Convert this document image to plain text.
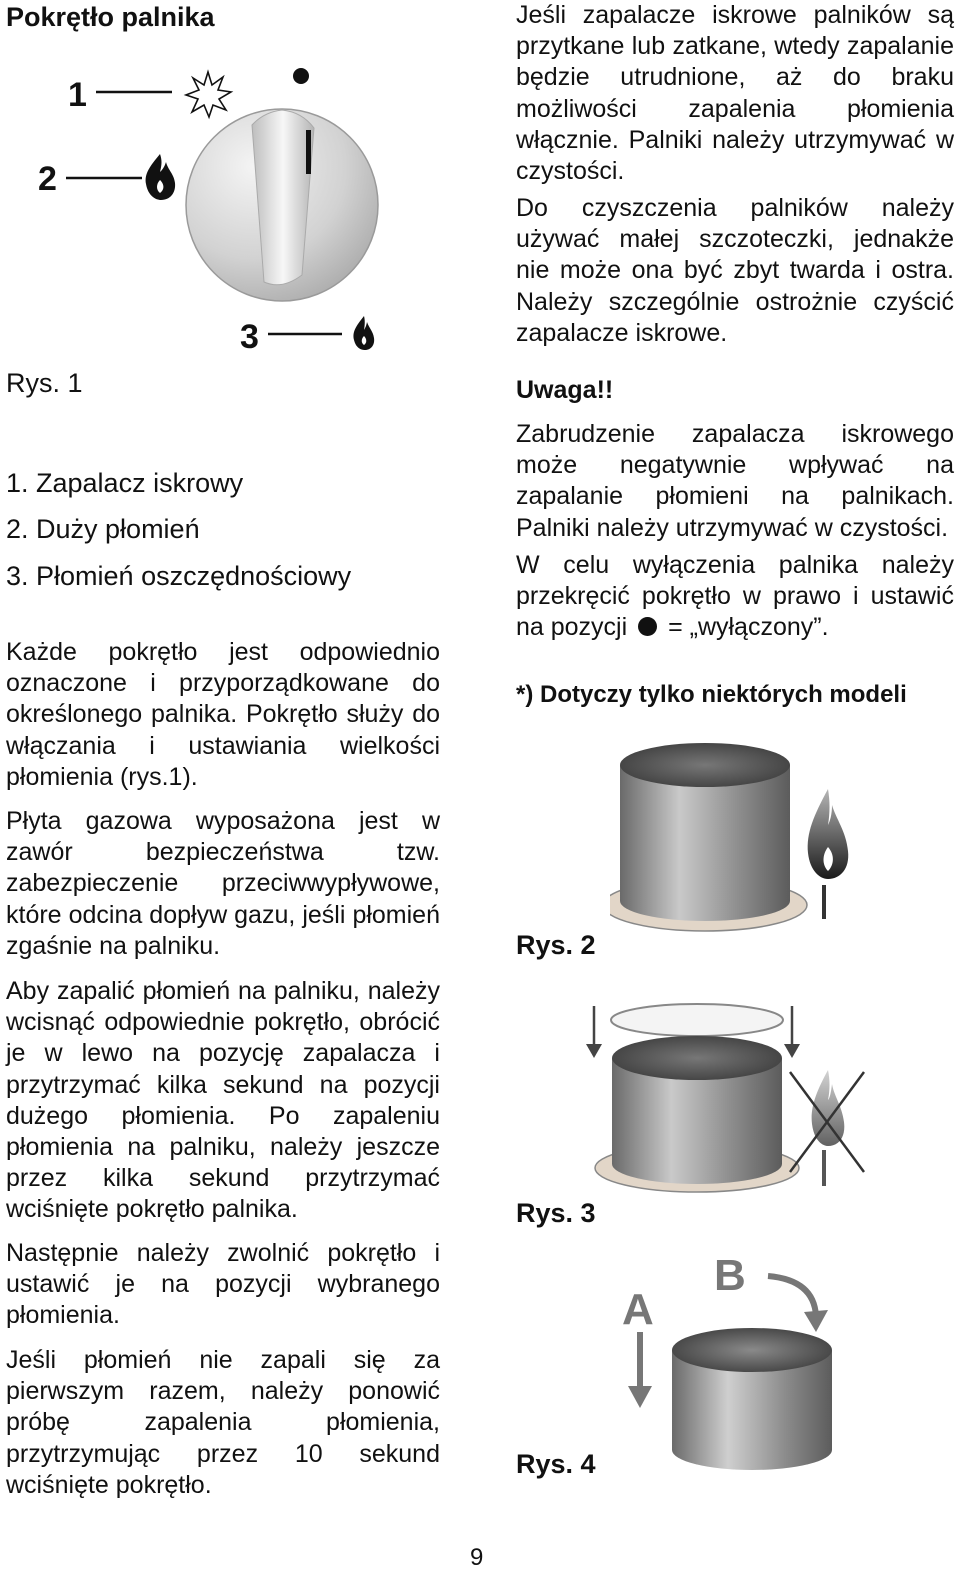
Pokrętło palnika
1
2
3
Rys. 1
1. Zapalacz iskrowy
2. Duży płomień
3. Płomień oszczędnościowy

Każde pokrętło jest odpowiednio oznaczone i przyporządkowane do określonego palnika. Pokrętło służy do włączania i ustawiania wielkości płomienia (rys.1).

Płyta gazowa wyposażona jest w zawór bezpieczeństwa tzw. zabezpieczenie przeciwwypływowe, które odcina dopływ gazu, jeśli płomień zgaśnie na palniku.

Aby zapalić płomień na palniku, należy wcisnąć odpowiednie pokrętło, obrócić je w lewo na pozycję zapalacza i przytrzymać kilka sekund na pozycji dużego płomienia. Po zapaleniu płomienia na palniku, należy jeszcze przez kilka sekund przytrzymać wciśnięte pokrętło palnika.

Następnie należy zwolnić pokrętło i ustawić je na pozycji wybranego płomienia.

Jeśli płomień nie zapali się za pierwszym razem, należy ponowić próbę zapalenia płomienia, przytrzymując przez 10 sekund wciśnięte pokrętło.

Jeśli zapalacze iskrowe palników są przytkane lub zatkane, wtedy zapalanie będzie utrudnione, aż do braku możliwości zapalenia płomienia włącznie. Palniki należy utrzymywać w czystości.

Do czyszczenia palników należy używać małej szczoteczki, jednakże nie może ona być zbyt twarda i ostra. Należy szczególnie ostrożnie czyścić zapalacze iskrowe.

Uwaga!!

Zabrudzenie zapalacza iskrowego może negatywnie wpływać na zapalanie płomieni na palnikach. Palniki należy utrzymywać w czystości.

W celu wyłączenia palnika należy przekręcić pokrętło w prawo i ustawić na pozycji = „wyłączony”.

*) Dotyczy tylko niektórych modeli
Rys. 2
Rys. 3
A
B
Rys. 4
9
